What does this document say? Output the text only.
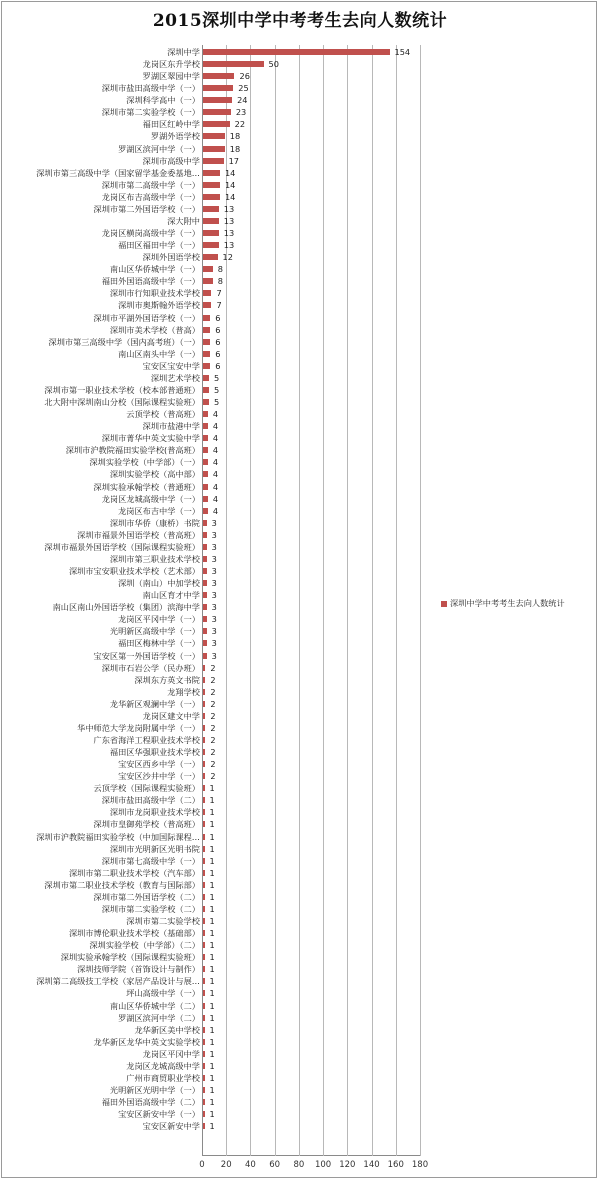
2015深圳中学中考考生去向人数统计
深圳中学	154
龙岗区东升学校	50
罗湖区翠园中学	26
深圳市盐田高级中学（一）	25
深圳科学高中（一）	24
深圳市第二实验学校（一）	23
福田区红岭中学	22
罗湖外语学校	18
罗湖区滨河中学（一）	18
深圳市高级中学	17
深圳市第三高级中学（国家留学基金委基地…	14
深圳市第二高级中学（一）	14
龙岗区布吉高级中学（一）	14
深圳市第二外国语学校（一）	13
深大附中	13
龙岗区横岗高级中学（一）	13
福田区福田中学（一）	13
深圳外国语学校	12
南山区华侨城中学（一） 8
福田外国语高级中学（一） 8
深圳市行知职业技术学校 7
深圳市奥斯翰外语学校 7
深圳市平湖外国语学校（一） 6
深圳市美术学校（普高） 6
深圳市第三高级中学（国内高考班）（一） 6
南山区南头中学（一） 6
宝安区宝安中学 6
深圳艺术学校 5
深圳市第一职业技术学校（校本部普通班） 5
北大附中深圳南山分校（国际课程实验班） 5
云顶学校（普高班） 4
深圳市盐港中学 4
深圳市菁华中英文实验中学 4
深圳市沪教院福田实验学校(普高班） 4
深圳实验学校（中学部）（一） 4
深圳实验学校（高中部） 4
深圳实验承翰学校（普通班） 4
龙岗区龙城高级中学（一） 4
龙岗区布吉中学（一） 4
深圳市华侨（康桥）书院 3
深圳市福景外国语学校（普高班） 3
深圳市福景外国语学校（国际课程实验班） 3
深圳市第三职业技术学校 3
深圳市宝安职业技术学校（艺术部） 3
深圳（南山）中加学校 3
南山区育才中学 3
南山区南山外国语学校（集团）滨海中学 3
龙岗区平冈中学（一） 3
光明新区高级中学（一） 3
福田区梅林中学（一） 3
宝安区第一外国语学校（一） 3
深圳市石岩公学（民办班） 2
深圳东方英文书院 2
龙翔学校 2
龙华新区观澜中学（一） 2
龙岗区建文中学 2
华中师范大学龙岗附属中学（一） 2
广东省海洋工程职业技术学校 2
福田区华强职业技术学校 2
宝安区西乡中学（一） 2
宝安区沙井中学（一） 2
云顶学校（国际课程实验班） 1
深圳市盐田高级中学（二） 1
深圳市龙岗职业技术学校 1
深圳市皇御苑学校（普高班） 1
深圳市沪教院福田实验学校（中加国际课程… 1
深圳市光明新区光明书院 1
深圳市第七高级中学（一） 1
深圳市第二职业技术学校（汽车部） 1
深圳市第二职业技术学校（教育与国际部） 1
深圳市第二外国语学校（二） 1
深圳市第二实验学校（二） 1
深圳市第二实验学校 1
深圳市博伦职业技术学校（基础部） 1
深圳实验学校（中学部）（二） 1
深圳实验承翰学校（国际课程实验班） 1
深圳技师学院（首饰设计与制作） 1
深圳第二高级技工学校（家居产品设计与展… 1
坪山高级中学（一） 1
南山区华侨城中学（二） 1
罗湖区滨河中学（二） 1
龙华新区美中学校 1
龙华新区龙华中英文实验学校 1
龙岗区平冈中学 1
龙岗区龙城高级中学 1
广州市商贸职业学校 1
光明新区光明中学（一） 1
福田外国语高级中学（二） 1
宝安区新安中学（一） 1
宝安区新安中学 1
0	20	40	60	80	100 120 140 160 180
深圳中学中考考生去向人数统计
